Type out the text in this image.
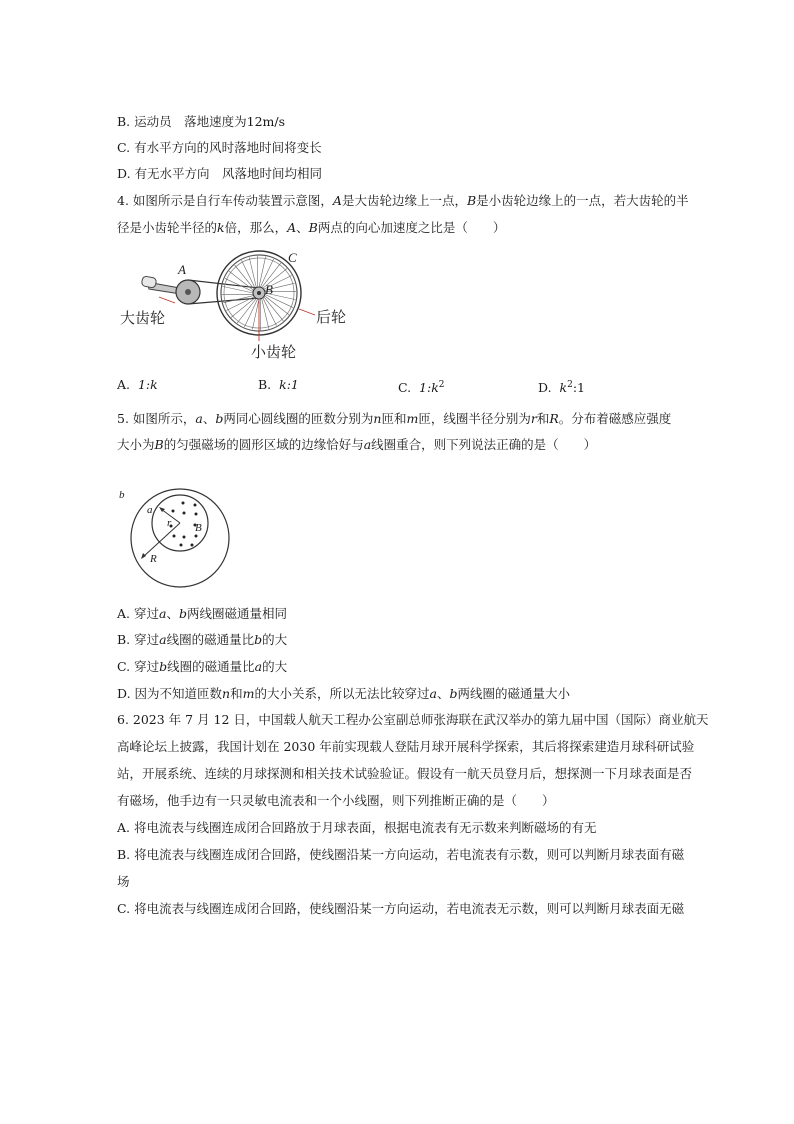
B. 运动员　落地速度为12m/s
C. 有水平方向的风时落地时间将变长
D. 有无水平方向　风落地时间均相同
4. 如图所示是自行车传动装置示意图，A是大齿轮边缘上一点，B是小齿轮边缘上的一点，若大齿轮的半
径是小齿轮半径的k倍，那么，A、B两点的向心加速度之比是（　　）
A
B
C
大齿轮	后轮
小齿轮
A. 1:k	B. k:1	C. $1:k^2$	D. $k^2:1$
5. 如图所示，a、b两同心圆线圈的匝数分别为n匝和m匝，线圈半径分别为r和R。分布着磁感应强度
大小为B的匀强磁场的圆形区域的边缘恰好与a线圈重合，则下列说法正确的是（　　）
a
b
r
R
B
A. 穿过a、b两线圈磁通量相同
B. 穿过a线圈的磁通量比b的大
C. 穿过b线圈的磁通量比a的大
D. 因为不知道匝数n和m的大小关系，所以无法比较穿过a、b两线圈的磁通量大小
6. 2023 年 7 月 12 日，中国载人航天工程办公室副总师张海联在武汉举办的第九届中国（国际）商业航天
高峰论坛上披露，我国计划在 2030 年前实现载人登陆月球开展科学探索，其后将探索建造月球科研试验
站，开展系统、连续的月球探测和相关技术试验验证。假设有一航天员登月后，想探测一下月球表面是否
有磁场，他手边有一只灵敏电流表和一个小线圈，则下列推断正确的是（　　）
A. 将电流表与线圈连成闭合回路放于月球表面，根据电流表有无示数来判断磁场的有无
B. 将电流表与线圈连成闭合回路，使线圈沿某一方向运动，若电流表有示数，则可以判断月球表面有磁
场
C. 将电流表与线圈连成闭合回路，使线圈沿某一方向运动，若电流表无示数，则可以判断月球表面无磁
